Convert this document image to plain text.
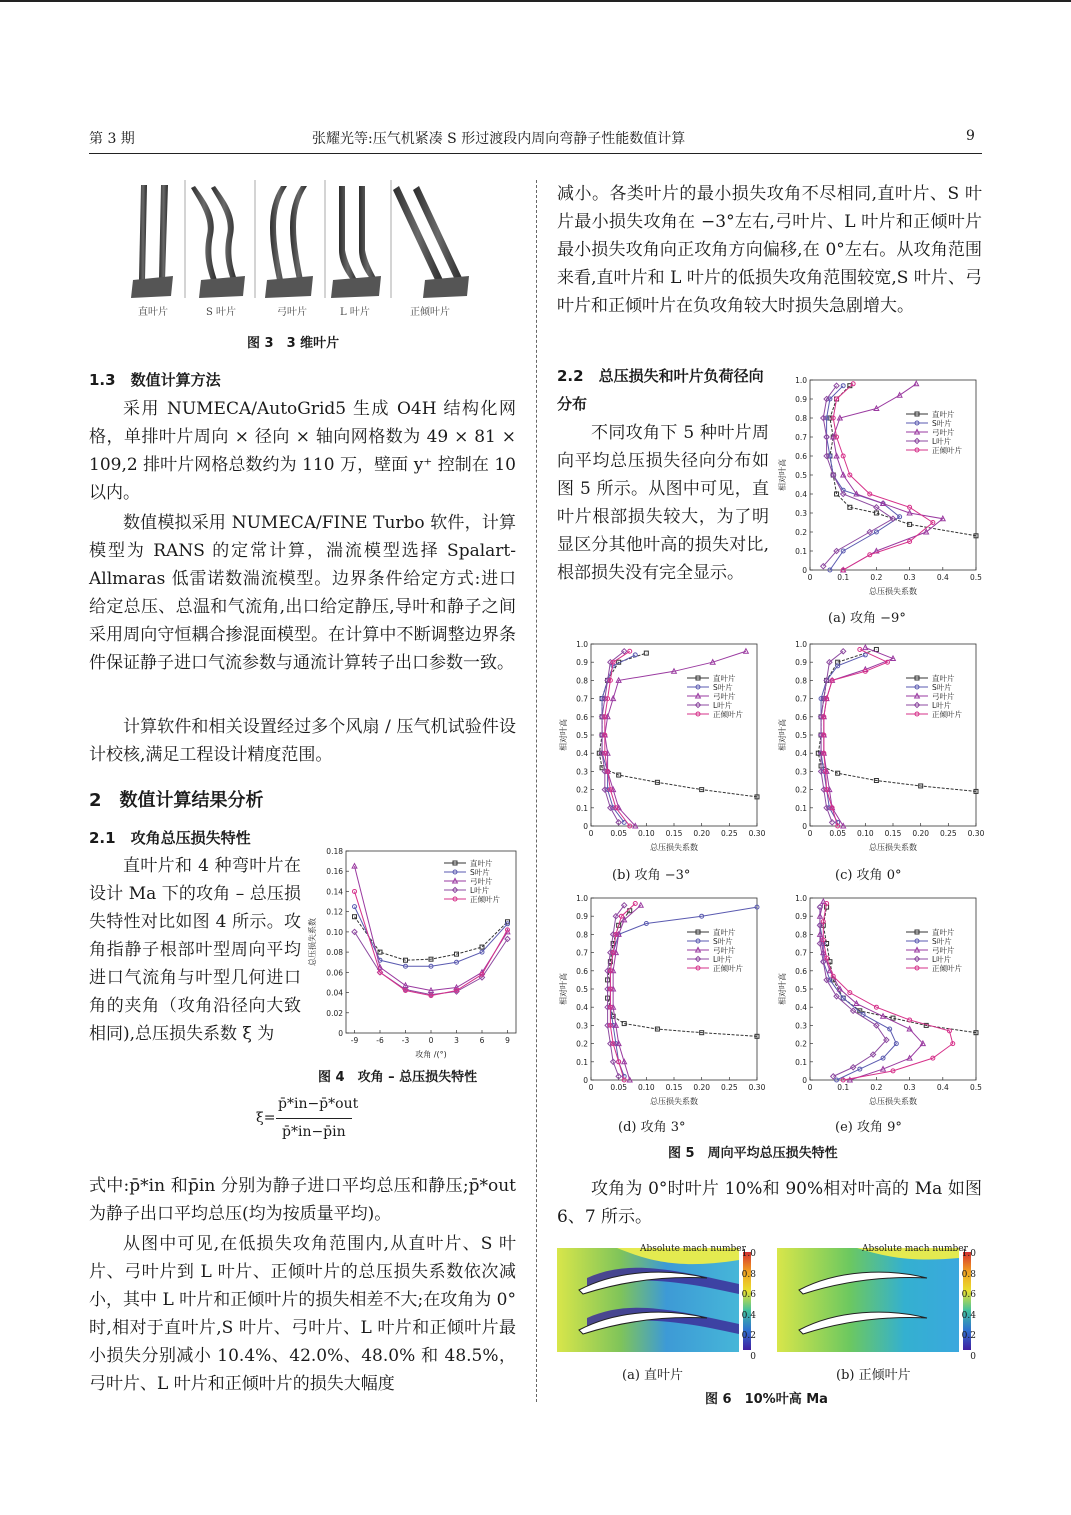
第 3 期	张耀光等:压气机紧凑 S 形过渡段内周向弯静子性能数值计算	9
直叶片	S 叶片	弓叶片	L 叶片	正倾叶片
图 3　3 维叶片
1.3　数值计算方法
采用 NUMECA/AutoGrid5 生成 O4H 结构化网格，单排叶片周向 × 径向 × 轴向网格数为 49 × 81 × 109,2 排叶片网格总数约为 110 万，壁面 y⁺ 控制在 10 以内。
数值模拟采用 NUMECA/FINE Turbo 软件，计算模型为 RANS 的定常计算，湍流模型选择 Spalart-Allmaras 低雷诺数湍流模型。边界条件给定方式:进口给定总压、总温和气流角,出口给定静压,导叶和静子之间采用周向守恒耦合掺混面模型。在计算中不断调整边界条件保证静子进口气流参数与通流计算转子出口参数一致。
计算软件和相关设置经过多个风扇 / 压气机试验件设计校核,满足工程设计精度范围。
2　数值计算结果分析
2.1　攻角总压损失特性
直叶片和 4 种弯叶片在设计 Ma 下的攻角 – 总压损失特性对比如图 4 所示。攻角指静子根部叶型周向平均进口气流角与叶型几何进口角的夹角（攻角沿径向大致相同),总压损失系数 ξ 为	0
0.02
0.04
0.06
0.08
0.10
0.12
0.14
0.16
0.18
-9 -6 -3	0	3	6	9
攻角 /(°)
总压损失系数
直叶片
S叶片
弓叶片
L叶片
正倾叶片
图 4　攻角 – 总压损失特性
ξ=
p̄*in−p̄*out
p̄*in−p̄in
式中:p̄*in 和p̄in 分别为静子进口平均总压和静压;p̄*out 为静子出口平均总压(均为按质量平均)。
从图中可见,在低损失攻角范围内,从直叶片、S 叶片、弓叶片到 L 叶片、正倾叶片的总压损失系数依次减小，其中 L 叶片和正倾叶片的损失相差不大;在攻角为 0°时,相对于直叶片,S 叶片、弓叶片、L 叶片和正倾叶片最小损失分别减小 10.4%、42.0%、48.0% 和 48.5%，弓叶片、L 叶片和正倾叶片的损失大幅度
减小。各类叶片的最小损失攻角不尽相同,直叶片、S 叶片最小损失攻角在 −3°左右,弓叶片、L 叶片和正倾叶片最小损失攻角向正攻角方向偏移,在 0°左右。从攻角范围来看,直叶片和 L 叶片的低损失攻角范围较宽,S 叶片、弓叶片和正倾叶片在负攻角较大时损失急剧增大。
2.2　总压损失和叶片负荷径向分布
不同攻角下 5 种叶片周向平均总压损失径向分布如图 5 所示。从图中可见，直叶片根部损失较大，为了明显区分其他叶高的损失对比,根部损失没有完全显示。	0
0.1
0.2
0.3
0.4
0.5
0.6
0.7
0.8
0.9
1.0
0	0.1	0.2	0.3	0.4	0.5
总压损失系数
相对叶高
直叶片
S叶片
弓叶片
L叶片
正倾叶片
(a) 攻角 −9°
0
0.1
0.2
0.3
0.4
0.5
0.6
0.7
0.8
0.9
1.0
0 0.05 0.10 0.15 0.20 0.25 0.30
总压损失系数
相对叶高
直叶片
S叶片
弓叶片
L叶片
正倾叶片
(b) 攻角 −3°
0
0.1
0.2
0.3
0.4
0.5
0.6
0.7
0.8
0.9
1.0
0 0.05 0.10 0.15 0.20 0.25 0.30
总压损失系数
相对叶高
直叶片
S叶片
弓叶片
L叶片
正倾叶片
(c) 攻角 0°
0
0.1
0.2
0.3
0.4
0.5
0.6
0.7
0.8
0.9
1.0
0 0.05 0.10 0.15 0.20 0.25 0.30
总压损失系数
相对叶高
直叶片
S叶片
弓叶片
L叶片
正倾叶片
(d) 攻角 3°
0
0.1
0.2
0.3
0.4
0.5
0.6
0.7
0.8
0.9
1.0
0	0.1	0.2	0.3	0.4	0.5
总压损失系数
相对叶高
直叶片
S叶片
弓叶片
L叶片
正倾叶片
(e) 攻角 9°
图 5　周向平均总压损失特性
攻角为 0°时叶片 10%和 90%相对叶高的 Ma 如图 6、7 所示。
Absolute mach number
1.0
0.8
0.6
0.4
0.2
0
Absolute mach number
1.0
0.8
0.6
0.4
0.2
0
(a) 直叶片	(b) 正倾叶片
图 6　10%叶高 Ma
